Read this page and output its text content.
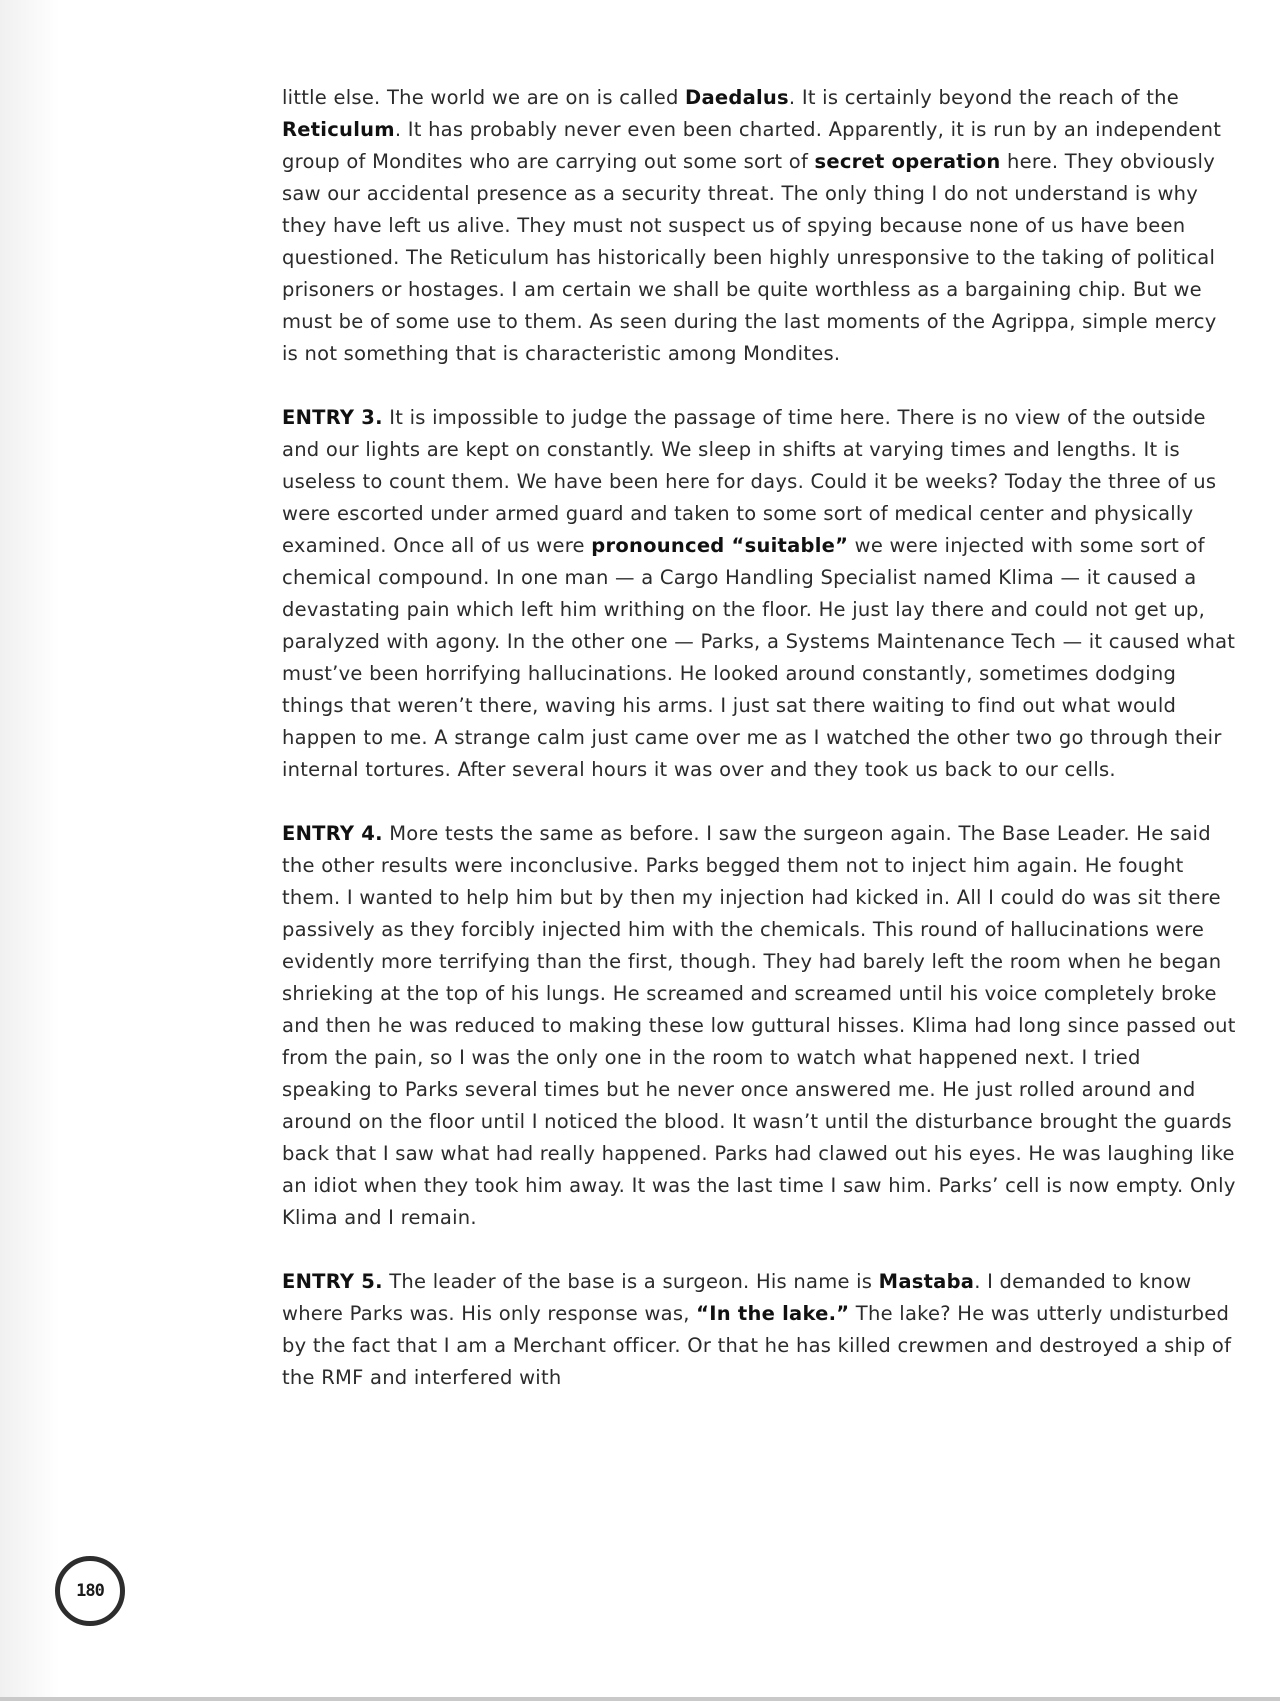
little else. The world we are on is called Daedalus. It is certainly beyond the reach of the Reticulum. It has probably never even been charted. Apparently, it is run by an independent group of Mondites who are carrying out some sort of secret operation here. They obviously saw our accidental presence as a security threat. The only thing I do not understand is why they have left us alive. They must not suspect us of spying because none of us have been questioned. The Reticulum has historically been highly unresponsive to the taking of political prisoners or hostages. I am certain we shall be quite worthless as a bargaining chip. But we must be of some use to them. As seen during the last moments of the Agrippa, simple mercy is not something that is characteristic among Mondites.

ENTRY 3. It is impossible to judge the passage of time here. There is no view of the outside and our lights are kept on constantly. We sleep in shifts at varying times and lengths. It is useless to count them. We have been here for days. Could it be weeks? Today the three of us were escorted under armed guard and taken to some sort of medical center and physically examined. Once all of us were pronounced “suitable” we were injected with some sort of chemical compound. In one man — a Cargo Handling Specialist named Klima — it caused a devastating pain which left him writhing on the floor. He just lay there and could not get up, paralyzed with agony. In the other one — Parks, a Systems Maintenance Tech — it caused what must’ve been horrifying hallucinations. He looked around constantly, sometimes dodging things that weren’t there, waving his arms. I just sat there waiting to find out what would happen to me. A strange calm just came over me as I watched the other two go through their internal tortures. After several hours it was over and they took us back to our cells.

ENTRY 4. More tests the same as before. I saw the surgeon again. The Base Leader. He said the other results were inconclusive. Parks begged them not to inject him again. He fought them. I wanted to help him but by then my injection had kicked in. All I could do was sit there passively as they forcibly injected him with the chemicals. This round of hallucinations were evidently more terrifying than the first, though. They had barely left the room when he began shrieking at the top of his lungs. He screamed and screamed until his voice completely broke and then he was reduced to making these low guttural hisses. Klima had long since passed out from the pain, so I was the only one in the room to watch what happened next. I tried speaking to Parks several times but he never once answered me. He just rolled around and around on the floor until I noticed the blood. It wasn’t until the disturbance brought the guards back that I saw what had really happened. Parks had clawed out his eyes. He was laughing like an idiot when they took him away. It was the last time I saw him. Parks’ cell is now empty. Only Klima and I remain.

ENTRY 5. The leader of the base is a surgeon. His name is Mastaba. I demanded to know where Parks was. His only response was, “In the lake.” The lake? He was utterly undisturbed by the fact that I am a Merchant officer. Or that he has killed crewmen and destroyed a ship of the RMF and interfered with

180
